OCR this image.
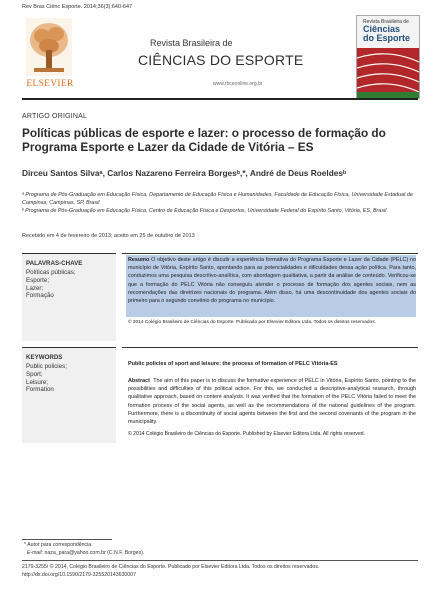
Rev Bras Ciênc Esporte. 2014;36(3):640-647
ELSEVIER
Revista Brasileira de
CIÊNCIAS DO ESPORTE
www.rbceonline.org.br
Revista Brasileira de
Ciências
do Esporte
ARTIGO ORIGINAL
Políticas públicas de esporte e lazer: o processo de formação do Programa Esporte e Lazer da Cidade de Vitória – ES
Dirceu Santos Silvaᵃ, Carlos Nazareno Ferreira Borgesᵇ,*, André de Deus Roeldesᵇ
ᵃ Programa de Pós-Graduação em Educação Física, Departamento de Educação Física e Humanidades, Faculdade de Educação Física, Universidade Estadual de Campinas, Campinas, SP, Brasil
ᵇ Programa de Pós-Graduação em Educação Física, Centro de Educação Física e Desportos, Universidade Federal do Espírito Santo, Vitória, ES, Brasil
Recebido em 4 de fevereiro de 2013; aceito em 25 de outubro de 2013
PALAVRAS-CHAVE
Políticas públicas;
Esporte;
Lazer;
Formação
Resumo O objetivo deste artigo é discutir a experiência formativa do Programa Esporte e Lazer da Cidade (PELC) no município de Vitória, Espírito Santo, apontando para as potencialidades e dificuldades dessa ação política. Para tanto, conduzimos uma pesquisa descritivo-analítica, com abordagem qualitativa, a partir da análise de conteúdo. Verificou-se que a formação do PELC Vitória não conseguiu atender o processo de formação dos agentes sociais, nem as recomendações das diretrizes nacionais do programa. Além disso, há uma descontinuidade dos agentes sociais do primeiro para o segundo convênio do programa no município.
© 2014 Colégio Brasileiro de Ciências do Esporte. Publicado por Elsevier Editora Ltda. Todos os direitos reservados.
KEYWORDS
Public policies;
Sport;
Leisure;
Formation
Public policies of sport and leisure: the process of formation of PELC Vitória-ES
Abstract The aim of this paper is to discuss the formative experience of PELC in Vitória, Espírito Santo, pointing to the possibilities and difficulties of this political action. For this, we conducted a descriptive-analytical research, through qualitative approach, based on content analysis. It was verified that the formation of the PELC Vitória failed to meet the formation process of the social agents, as well as the recommendations of the national guidelines of the program. Furthermore, there is a discontinuity of social agents between the first and the second covenants of the program in the municipality.
© 2014 Colégio Brasileiro de Ciências do Esporte. Published by Elsevier Editora Ltda. All rights reserved.
* Autor para correspondência.
E-mail: naza_para@yahoo.com.br (C.N.F. Borges).
2179-3255/ © 2014, Colégio Brasileiro de Ciências do Esporte. Publicado por Elsevier Editora Ltda. Todos os direitos reservados.
http://dx.doi.org/10.1590/2179-325520143630007
